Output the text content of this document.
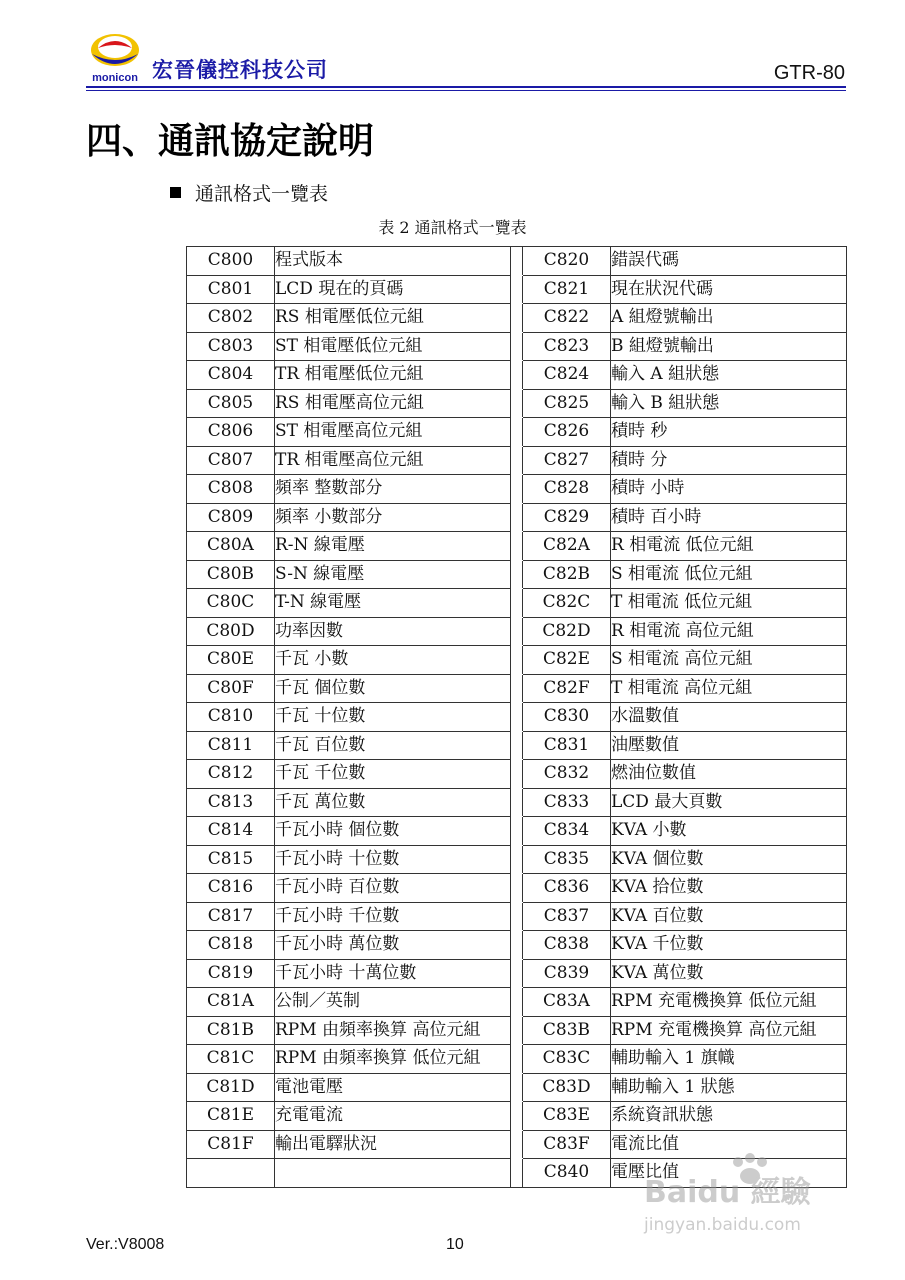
monicon 宏晉儀控科技公司	GTR-80
四、通訊協定說明
通訊格式一覽表
表 2 通訊格式一覽表
C800	程式版本		C820	錯誤代碼
C801	LCD 現在的頁碼		C821	現在狀況代碼
C802	RS 相電壓低位元組		C822	A 組燈號輸出
C803	ST 相電壓低位元組		C823	B 組燈號輸出
C804	TR 相電壓低位元組		C824	輸入 A 組狀態
C805	RS 相電壓高位元組		C825	輸入 B 組狀態
C806	ST 相電壓高位元組		C826	積時 秒
C807	TR 相電壓高位元組		C827	積時 分
C808	頻率 整數部分		C828	積時 小時
C809	頻率 小數部分		C829	積時 百小時
C80A	R-N 線電壓		C82A	R 相電流 低位元組
C80B	S-N 線電壓		C82B	S 相電流 低位元組
C80C	T-N 線電壓		C82C	T 相電流 低位元組
C80D	功率因數		C82D	R 相電流 高位元組
C80E	千瓦 小數		C82E	S 相電流 高位元組
C80F	千瓦 個位數		C82F	T 相電流 高位元組
C810	千瓦 十位數		C830	水溫數值
C811	千瓦 百位數		C831	油壓數值
C812	千瓦 千位數		C832	燃油位數值
C813	千瓦 萬位數		C833	LCD 最大頁數
C814	千瓦小時 個位數		C834	KVA 小數
C815	千瓦小時 十位數		C835	KVA 個位數
C816	千瓦小時 百位數		C836	KVA 拾位數
C817	千瓦小時 千位數		C837	KVA 百位數
C818	千瓦小時 萬位數		C838	KVA 千位數
C819	千瓦小時 十萬位數		C839	KVA 萬位數
C81A	公制／英制		C83A	RPM 充電機換算 低位元組
C81B	RPM 由頻率換算 高位元組		C83B	RPM 充電機換算 高位元組
C81C	RPM 由頻率換算 低位元組		C83C	輔助輸入 1 旗幟
C81D	電池電壓		C83D	輔助輸入 1 狀態
C81E	充電電流		C83E	系統資訊狀態
C81F	輸出電驛狀況		C83F	電流比值
			C840	電壓比值
Ver.:V8008	10
Baidu 經驗
jingyan.baidu.com
